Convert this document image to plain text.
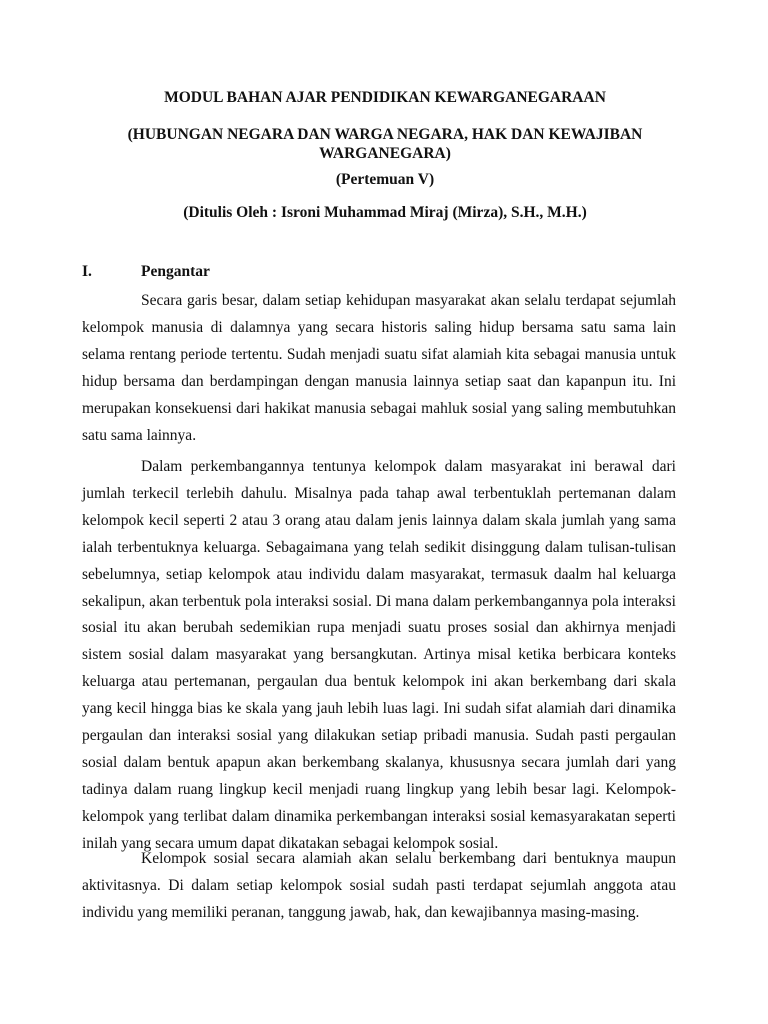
MODUL BAHAN AJAR PENDIDIKAN KEWARGANEGARAAN
(HUBUNGAN NEGARA DAN WARGA NEGARA, HAK DAN KEWAJIBAN WARGANEGARA)
(Pertemuan V)
(Ditulis Oleh : Isroni Muhammad Miraj (Mirza), S.H., M.H.)
I.	Pengantar

Secara garis besar, dalam setiap kehidupan masyarakat akan selalu terdapat sejumlah kelompok manusia di dalamnya yang secara historis saling hidup bersama satu sama lain selama rentang periode tertentu. Sudah menjadi suatu sifat alamiah kita sebagai manusia untuk hidup bersama dan berdampingan dengan manusia lainnya setiap saat dan kapanpun itu. Ini merupakan konsekuensi dari hakikat manusia sebagai mahluk sosial yang saling membutuhkan satu sama lainnya.

Dalam perkembangannya tentunya kelompok dalam masyarakat ini berawal dari jumlah terkecil terlebih dahulu. Misalnya pada tahap awal terbentuklah pertemanan dalam kelompok kecil seperti 2 atau 3 orang atau dalam jenis lainnya dalam skala jumlah yang sama ialah terbentuknya keluarga. Sebagaimana yang telah sedikit disinggung dalam tulisan-tulisan sebelumnya, setiap kelompok atau individu dalam masyarakat, termasuk daalm hal keluarga sekalipun, akan terbentuk pola interaksi sosial. Di mana dalam perkembangannya pola interaksi sosial itu akan berubah sedemikian rupa menjadi suatu proses sosial dan akhirnya menjadi sistem sosial dalam masyarakat yang bersangkutan. Artinya misal ketika berbicara konteks keluarga atau pertemanan, pergaulan dua bentuk kelompok ini akan berkembang dari skala yang kecil hingga bias ke skala yang jauh lebih luas lagi. Ini sudah sifat alamiah dari dinamika pergaulan dan interaksi sosial yang dilakukan setiap pribadi manusia. Sudah pasti pergaulan sosial dalam bentuk apapun akan berkembang skalanya, khususnya secara jumlah dari yang tadinya dalam ruang lingkup kecil menjadi ruang lingkup yang lebih besar lagi. Kelompok-kelompok yang terlibat dalam dinamika perkembangan interaksi sosial kemasyarakatan seperti inilah yang secara umum dapat dikatakan sebagai kelompok sosial.

Kelompok sosial secara alamiah akan selalu berkembang dari bentuknya maupun aktivitasnya. Di dalam setiap kelompok sosial sudah pasti terdapat sejumlah anggota atau individu yang memiliki peranan, tanggung jawab, hak, dan kewajibannya masing-masing.
